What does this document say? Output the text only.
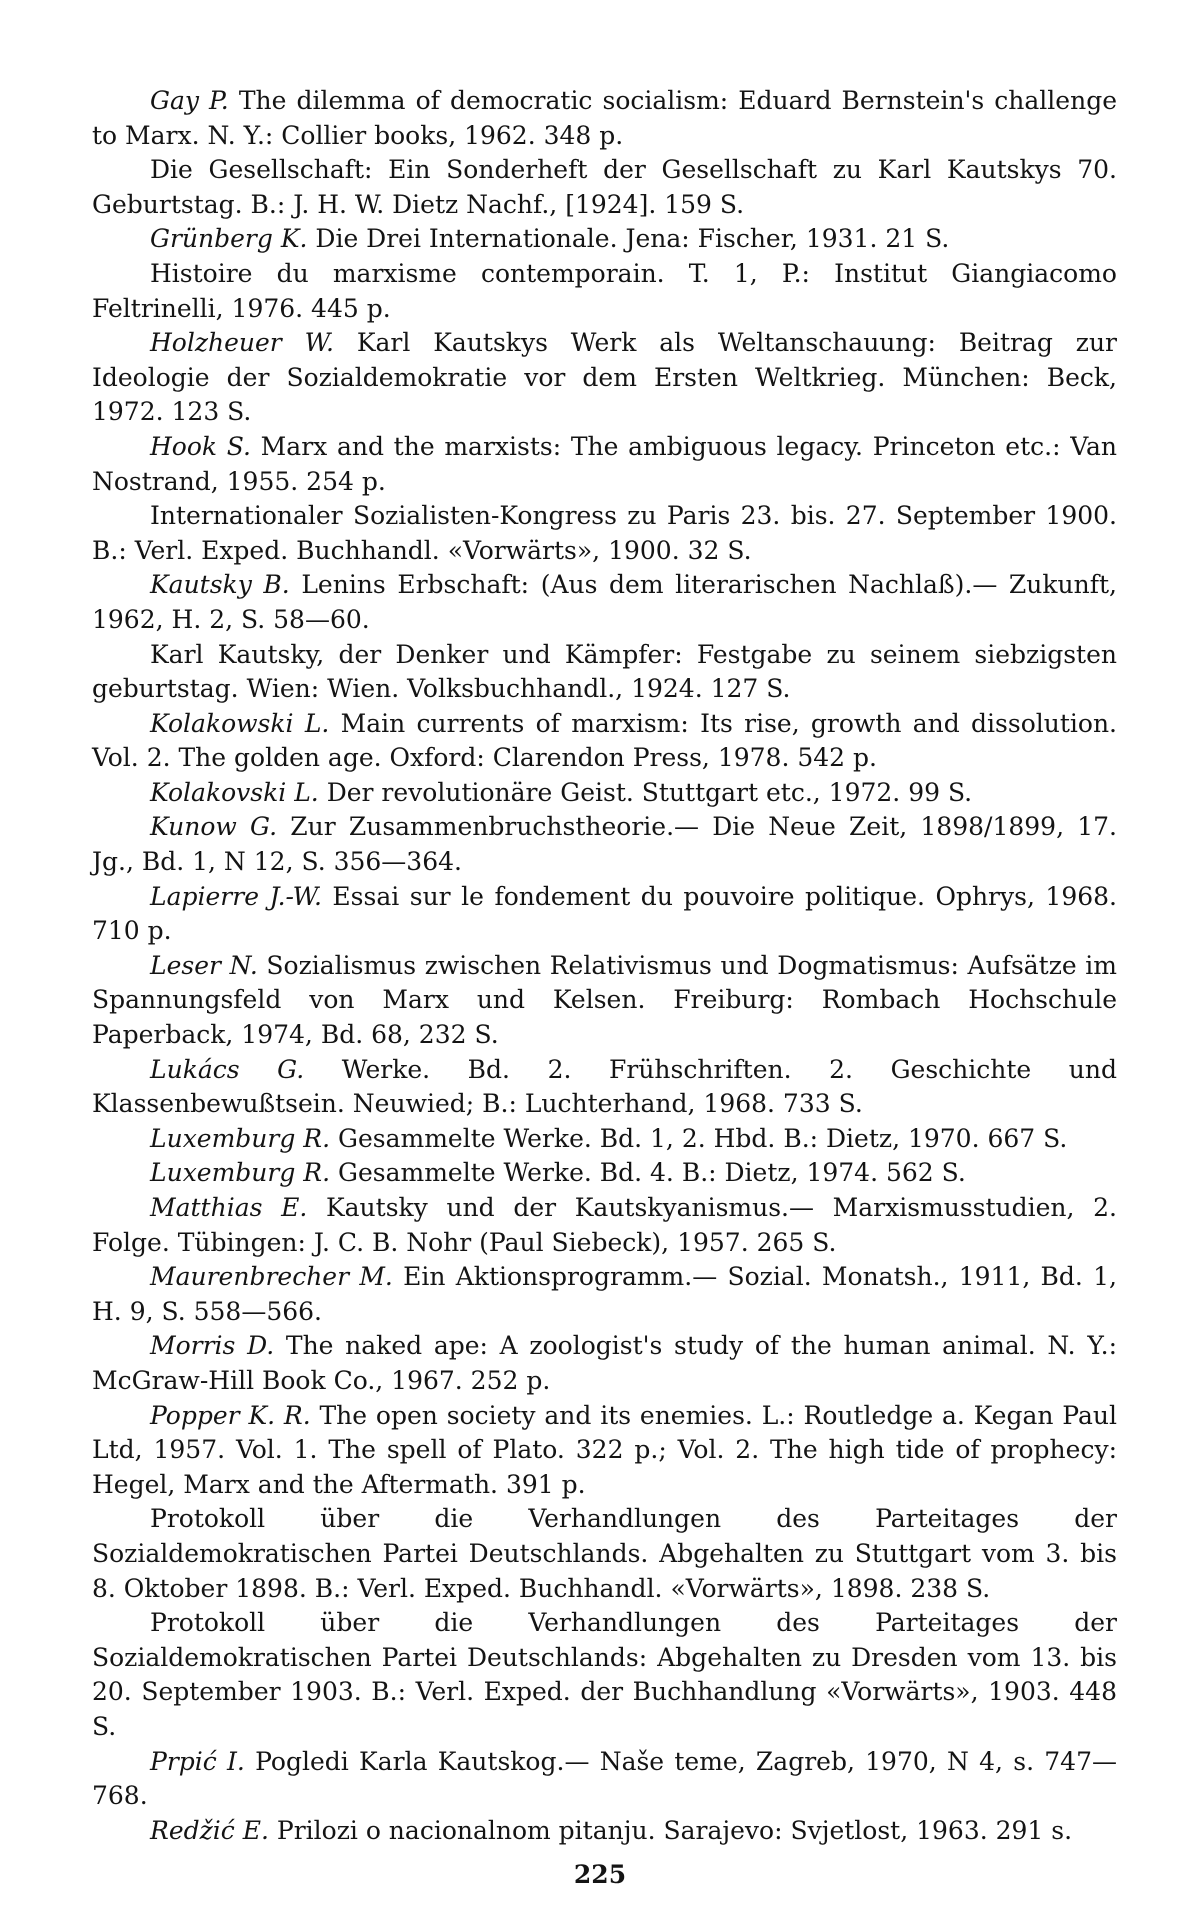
Gay P. The dilemma of democratic socialism: Eduard Bernstein's challenge to Marx. N. Y.: Collier books, 1962. 348 p.

Die Gesellschaft: Ein Sonderheft der Gesellschaft zu Karl Kautskys 70. Geburtstag. B.: J. H. W. Dietz Nachf., [1924]. 159 S.

Grünberg K. Die Drei Internationale. Jena: Fischer, 1931. 21 S.

Histoire du marxisme contemporain. T. 1, P.: Institut Giangiacomo Feltrinelli, 1976. 445 p.

Holzheuer W. Karl Kautskys Werk als Weltanschauung: Beitrag zur Ideologie der Sozialdemokratie vor dem Ersten Weltkrieg. München: Beck, 1972. 123 S.

Hook S. Marx and the marxists: The ambiguous legacy. Princeton etc.: Van Nostrand, 1955. 254 p.

Internationaler Sozialisten-Kongress zu Paris 23. bis. 27. September 1900. B.: Verl. Exped. Buchhandl. «Vorwärts», 1900. 32 S.

Kautsky B. Lenins Erbschaft: (Aus dem literarischen Nachlaß).— Zukunft, 1962, H. 2, S. 58—60.

Karl Kautsky, der Denker und Kämpfer: Festgabe zu seinem siebzigsten geburtstag. Wien: Wien. Volksbuchhandl., 1924. 127 S.

Kolakowski L. Main currents of marxism: Its rise, growth and dissolution. Vol. 2. The golden age. Oxford: Clarendon Press, 1978. 542 p.

Kolakovski L. Der revolutionäre Geist. Stuttgart etc., 1972. 99 S.

Kunow G. Zur Zusammenbruchstheorie.— Die Neue Zeit, 1898/1899, 17. Jg., Bd. 1, N 12, S. 356—364.

Lapierre J.-W. Essai sur le fondement du pouvoire politique. Ophrys, 1968. 710 p.

Leser N. Sozialismus zwischen Relativismus und Dogmatismus: Aufsätze im Spannungsfeld von Marx und Kelsen. Freiburg: Rombach Hochschule Paperback, 1974, Bd. 68, 232 S.

Lukács G. Werke. Bd. 2. Frühschriften. 2. Geschichte und Klassenbewußtsein. Neuwied; B.: Luchterhand, 1968. 733 S.

Luxemburg R. Gesammelte Werke. Bd. 1, 2. Hbd. B.: Dietz, 1970. 667 S.

Luxemburg R. Gesammelte Werke. Bd. 4. B.: Dietz, 1974. 562 S.

Matthias E. Kautsky und der Kautskyanismus.— Marxismusstudien, 2. Folge. Tübingen: J. C. B. Nohr (Paul Siebeck), 1957. 265 S.

Maurenbrecher M. Ein Aktionsprogramm.— Sozial. Monatsh., 1911, Bd. 1, H. 9, S. 558—566.

Morris D. The naked ape: A zoologist's study of the human animal. N. Y.: McGraw-Hill Book Co., 1967. 252 p.

Popper K. R. The open society and its enemies. L.: Routledge a. Kegan Paul Ltd, 1957. Vol. 1. The spell of Plato. 322 p.; Vol. 2. The high tide of prophecy: Hegel, Marx and the Aftermath. 391 p.

Protokoll über die Verhandlungen des Parteitages der Sozialdemokratischen Partei Deutschlands. Abgehalten zu Stuttgart vom 3. bis 8. Oktober 1898. B.: Verl. Exped. Buchhandl. «Vorwärts», 1898. 238 S.

Protokoll über die Verhandlungen des Parteitages der Sozialdemokratischen Partei Deutschlands: Abgehalten zu Dresden vom 13. bis 20. September 1903. B.: Verl. Exped. der Buchhandlung «Vorwärts», 1903. 448 S.

Prpić I. Pogledi Karla Kautskog.— Naše teme, Zagreb, 1970, N 4, s. 747—768.

Redžić E. Prilozi o nacionalnom pitanju. Sarajevo: Svjetlost, 1963. 291 s.

225
